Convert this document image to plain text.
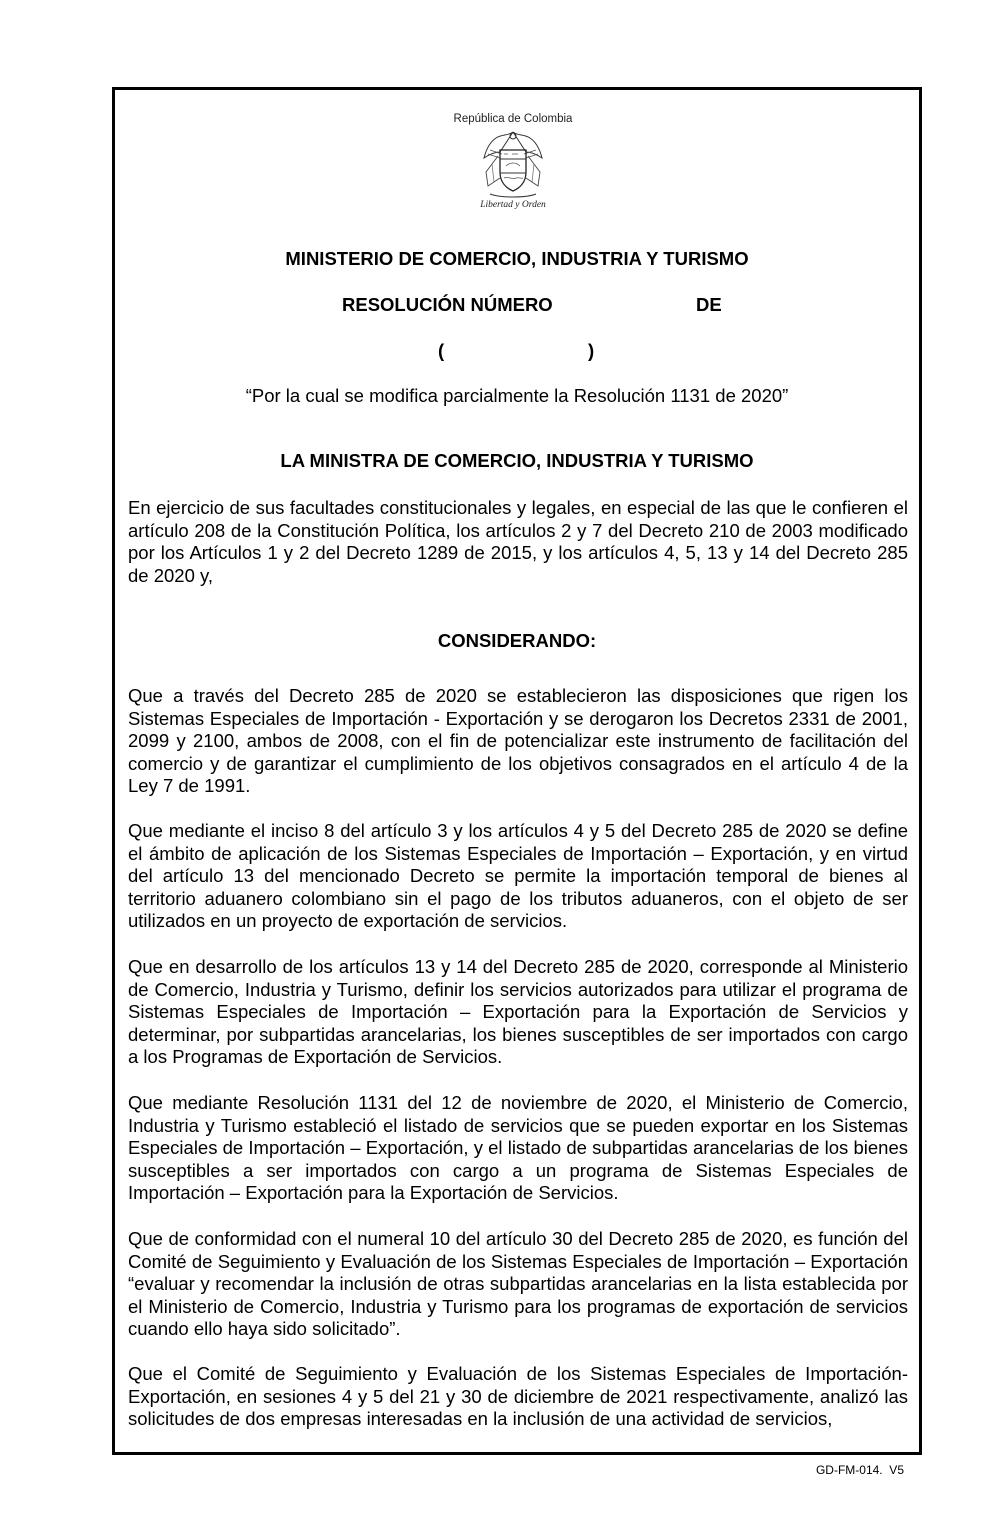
República de Colombia
Libertad y Orden
MINISTERIO DE COMERCIO, INDUSTRIA Y TURISMO
RESOLUCIÓN NÚMERO	DE
(	)
“Por la cual se modifica parcialmente la Resolución 1131 de 2020”
LA MINISTRA DE COMERCIO, INDUSTRIA Y TURISMO

En ejercicio de sus facultades constitucionales y legales, en especial de las que le confieren el artículo 208 de la Constitución Política, los artículos 2 y 7 del Decreto 210 de 2003 modificado por los Artículos 1 y 2 del Decreto 1289 de 2015, y los artículos 4, 5, 13 y 14 del Decreto 285 de 2020 y,

CONSIDERANDO:

Que a través del Decreto 285 de 2020 se establecieron las disposiciones que rigen los Sistemas Especiales de Importación - Exportación y se derogaron los Decretos 2331 de 2001, 2099 y 2100, ambos de 2008, con el fin de potencializar este instrumento de facilitación del comercio y de garantizar el cumplimiento de los objetivos consagrados en el artículo 4 de la Ley 7 de 1991.

Que mediante el inciso 8 del artículo 3 y los artículos 4 y 5 del Decreto 285 de 2020 se define el ámbito de aplicación de los Sistemas Especiales de Importación – Exportación, y en virtud del artículo 13 del mencionado Decreto se permite la importación temporal de bienes al territorio aduanero colombiano sin el pago de los tributos aduaneros, con el objeto de ser utilizados en un proyecto de exportación de servicios.

Que en desarrollo de los artículos 13 y 14 del Decreto 285 de 2020, corresponde al Ministerio de Comercio, Industria y Turismo, definir los servicios autorizados para utilizar el programa de Sistemas Especiales de Importación – Exportación para la Exportación de Servicios y determinar, por subpartidas arancelarias, los bienes susceptibles de ser importados con cargo a los Programas de Exportación de Servicios.

Que mediante Resolución 1131 del 12 de noviembre de 2020, el Ministerio de Comercio, Industria y Turismo estableció el listado de servicios que se pueden exportar en los Sistemas Especiales de Importación – Exportación, y el listado de subpartidas arancelarias de los bienes susceptibles a ser importados con cargo a un programa de Sistemas Especiales de Importación – Exportación para la Exportación de Servicios.

Que de conformidad con el numeral 10 del artículo 30 del Decreto 285 de 2020, es función del Comité de Seguimiento y Evaluación de los Sistemas Especiales de Importación – Exportación “evaluar y recomendar la inclusión de otras subpartidas arancelarias en la lista establecida por el Ministerio de Comercio, Industria y Turismo para los programas de exportación de servicios cuando ello haya sido solicitado”.

Que el Comité de Seguimiento y Evaluación de los Sistemas Especiales de Importación- Exportación, en sesiones 4 y 5 del 21 y 30 de diciembre de 2021 respectivamente, analizó las solicitudes de dos empresas interesadas en la inclusión de una actividad de servicios,

GD-FM-014.  V5
